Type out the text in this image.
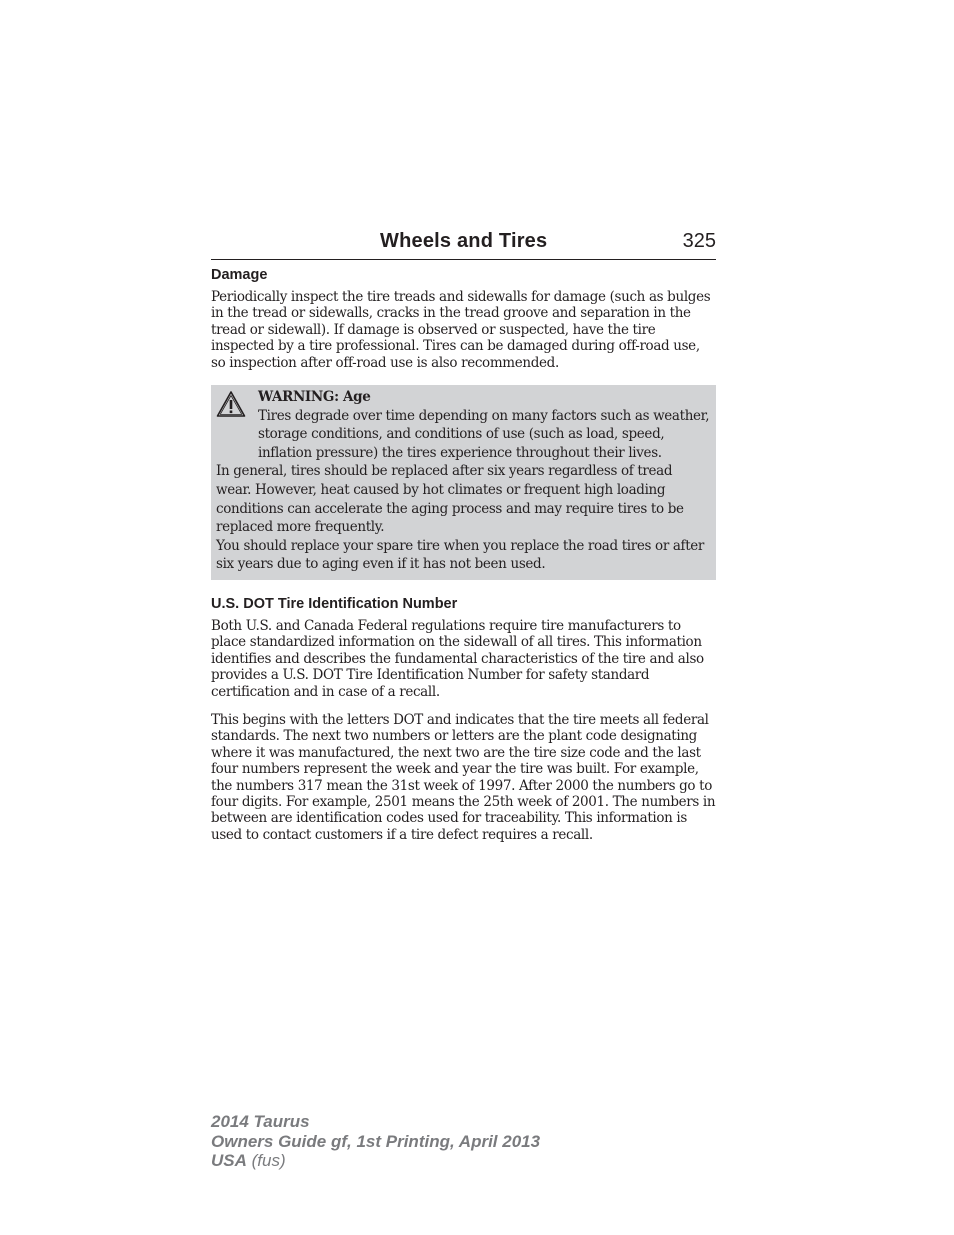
Wheels and Tires	325
Damage

Periodically inspect the tire treads and sidewalls for damage (such as bulges in the tread or sidewalls, cracks in the tread groove and separation in the tread or sidewall). If damage is observed or suspected, have the tire inspected by a tire professional. Tires can be damaged during off-road use, so inspection after off-road use is also recommended.

WARNING: Age

Tires degrade over time depending on many factors such as weather, storage conditions, and conditions of use (such as load, speed, inflation pressure) the tires experience throughout their lives.

In general, tires should be replaced after six years regardless of tread wear. However, heat caused by hot climates or frequent high loading conditions can accelerate the aging process and may require tires to be replaced more frequently.

You should replace your spare tire when you replace the road tires or after six years due to aging even if it has not been used.

U.S. DOT Tire Identification Number

Both U.S. and Canada Federal regulations require tire manufacturers to place standardized information on the sidewall of all tires. This information identifies and describes the fundamental characteristics of the tire and also provides a U.S. DOT Tire Identification Number for safety standard certification and in case of a recall.

This begins with the letters DOT and indicates that the tire meets all federal standards. The next two numbers or letters are the plant code designating where it was manufactured, the next two are the tire size code and the last four numbers represent the week and year the tire was built. For example, the numbers 317 mean the 31st week of 1997. After 2000 the numbers go to four digits. For example, 2501 means the 25th week of 2001. The numbers in between are identification codes used for traceability. This information is used to contact customers if a tire defect requires a recall.

2014 Taurus
Owners Guide gf, 1st Printing, April 2013
USA (fus)
